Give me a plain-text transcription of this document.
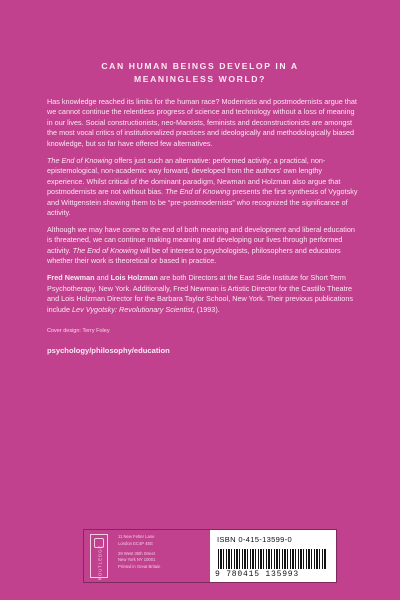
CAN HUMAN BEINGS DEVELOP IN A MEANINGLESS WORLD?

Has knowledge reached its limits for the human race? Modernists and postmodernists argue that we cannot continue the relentless progress of science and technology without a loss of meaning in our lives. Social constructionists, neo-Marxists, feminists and deconstructionists are amongst the most vocal critics of institutionalized practices and ideologically and methodologically biased knowledge, but so far have offered few alternatives.

The End of Knowing offers just such an alternative: performed activity; a practical, non-epistemological, non-academic way forward, developed from the authors' own lengthy experience. Whilst critical of the dominant paradigm, Newman and Holzman also argue that postmodernists are not without bias. The End of Knowing presents the first synthesis of Vygotsky and Wittgenstein showing them to be “pre-postmodernists” who recognized the significance of activity.

Although we may have come to the end of both meaning and development and liberal education is threatened, we can continue making meaning and developing our lives through performed activity. The End of Knowing will be of interest to psychologists, philosophers and educators whether their work is theoretical or based in practice.

Fred Newman and Lois Holzman are both Directors at the East Side Institute for Short Term Psychotherapy, New York. Additionally, Fred Newman is Artistic Director for the Castillo Theatre and Lois Holzman Director for the Barbara Taylor School, New York. Their previous publications include Lev Vygotsky: Revolutionary Scientist, (1993).

Cover design: Terry Foley
psychology/philosophy/education
ROUTLEDGE
11 New Fetter Lane
London EC4P 4EE
29 West 35th Street
New York NY 10001
Printed in Great Britain
ISBN 0-415-13599-0
9 780415 135993
